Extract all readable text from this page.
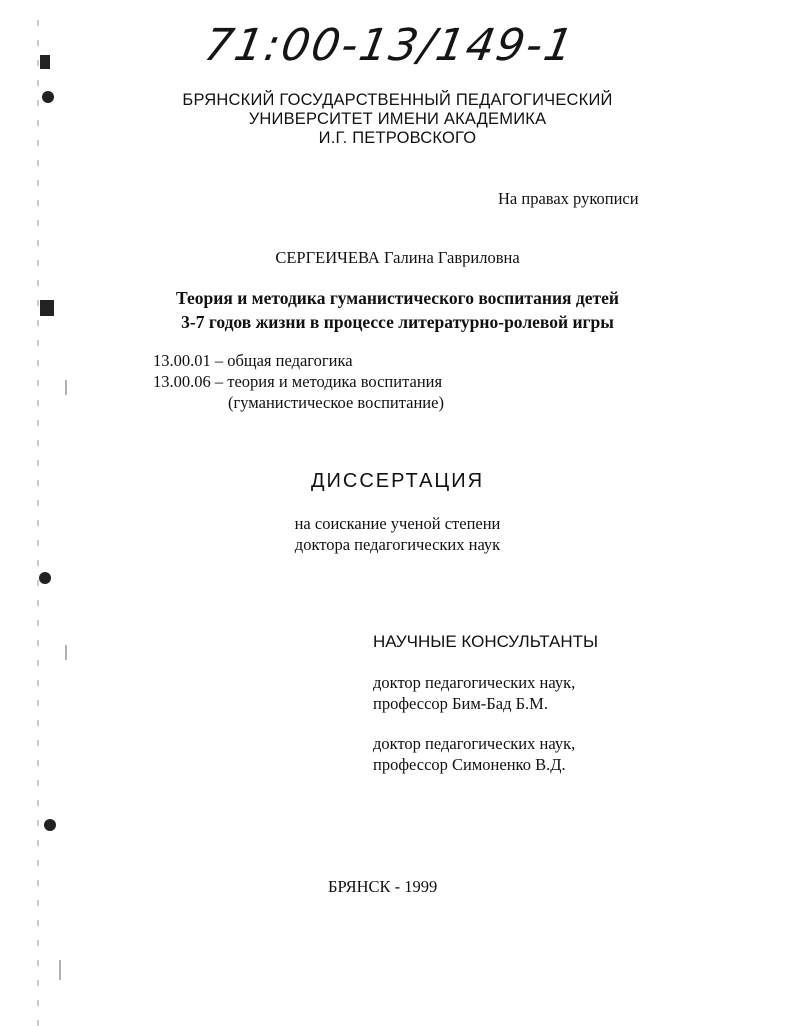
71:00-13/149-1
БРЯНСКИЙ ГОСУДАРСТВЕННЫЙ ПЕДАГОГИЧЕСКИЙ
УНИВЕРСИТЕТ ИМЕНИ АКАДЕМИКА
И.Г. ПЕТРОВСКОГО
На правах рукописи
СЕРГЕИЧЕВА Галина Гавриловна
Теория и методика гуманистического воспитания детей
3-7 годов жизни в процессе литературно-ролевой игры
13.00.01 – общая педагогика
13.00.06 – теория и методика воспитания
(гуманистическое воспитание)
ДИССЕРТАЦИЯ
на соискание ученой степени
доктора педагогических наук
НАУЧНЫЕ КОНСУЛЬТАНТЫ
доктор педагогических наук,
профессор Бим-Бад Б.М.
доктор педагогических наук,
профессор Симоненко В.Д.
БРЯНСК - 1999
